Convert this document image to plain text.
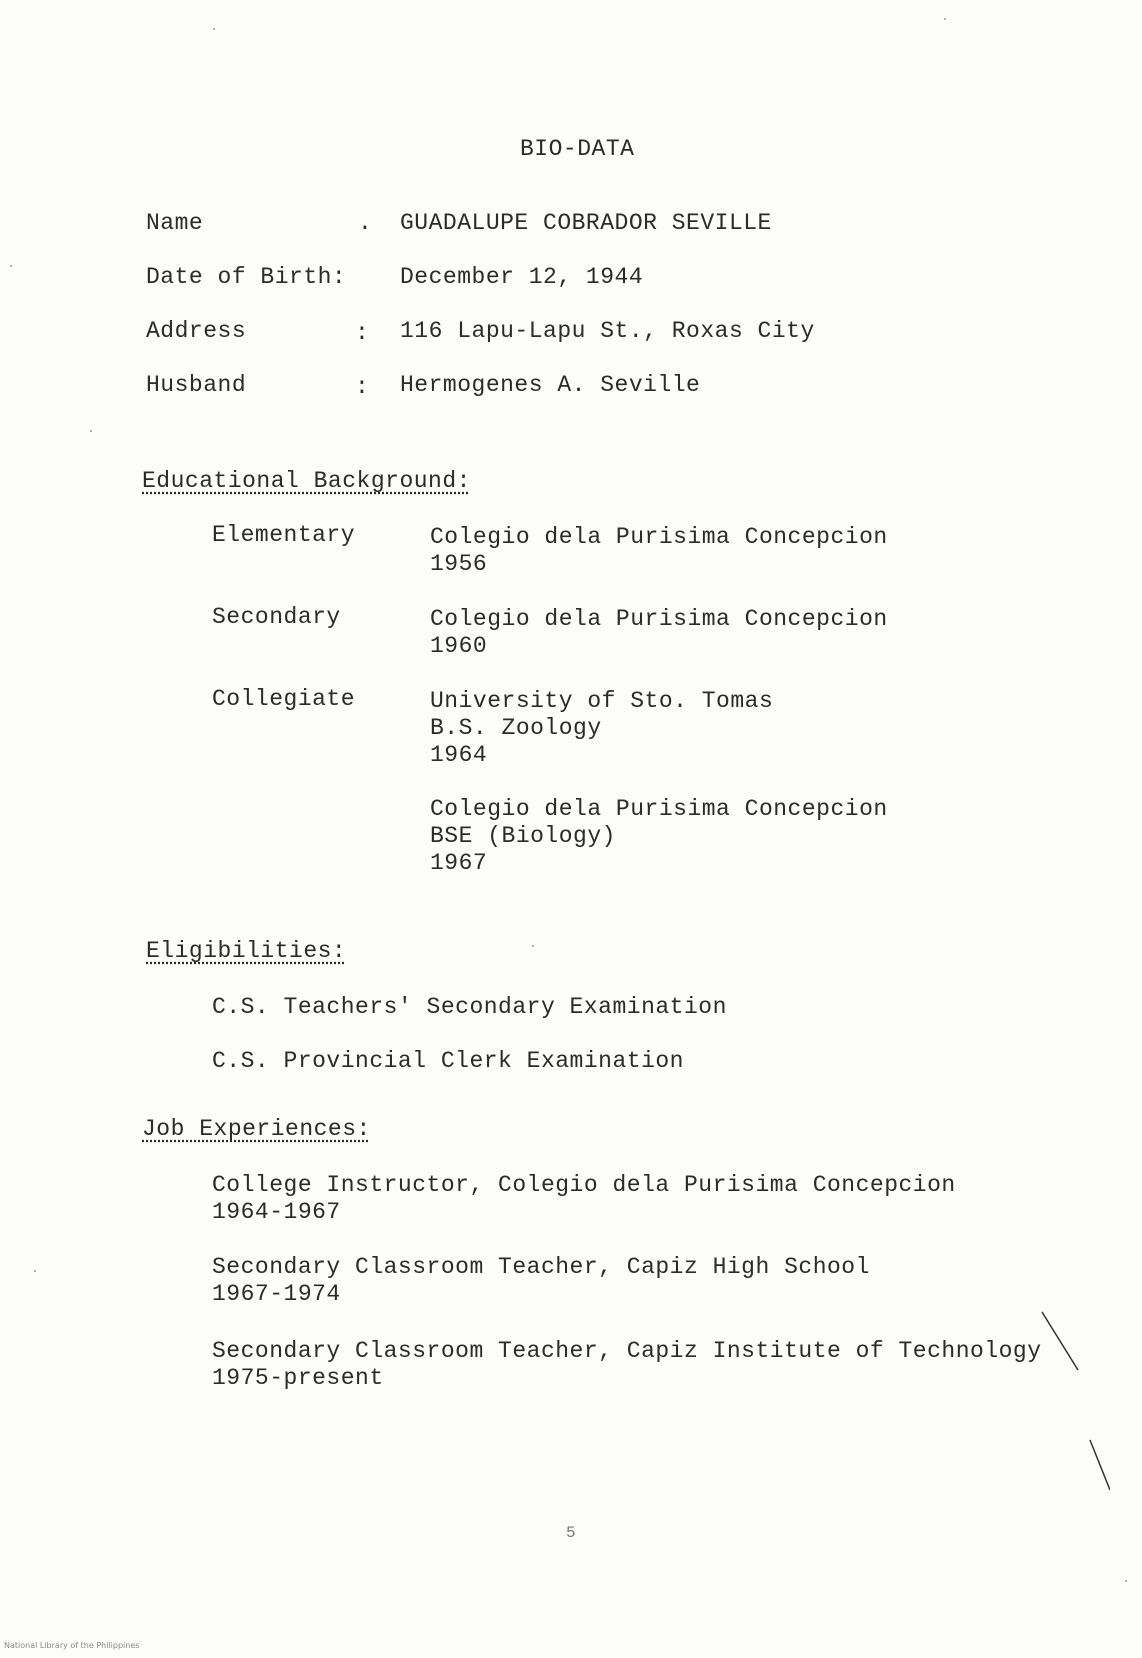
BIO-DATA
Name	. GUADALUPE COBRADOR SEVILLE
Date of Birth: December 12, 1944
Address	: 116 Lapu-Lapu St., Roxas City
Husband	: Hermogenes A. Seville
Educational Background:
Elementary	Colegio dela Purisima Concepcion
1956
Secondary	Colegio dela Purisima Concepcion
1960
Collegiate	University of Sto. Tomas
B.S. Zoology
1964
Colegio dela Purisima Concepcion
BSE (Biology)
1967
Eligibilities:
C.S. Teachers' Secondary Examination
C.S. Provincial Clerk Examination
Job Experiences:
College Instructor, Colegio dela Purisima Concepcion
1964-1967
Secondary Classroom Teacher, Capiz High School
1967-1974
Secondary Classroom Teacher, Capiz Institute of Technology
1975-present
5
National Library of the Philippines
